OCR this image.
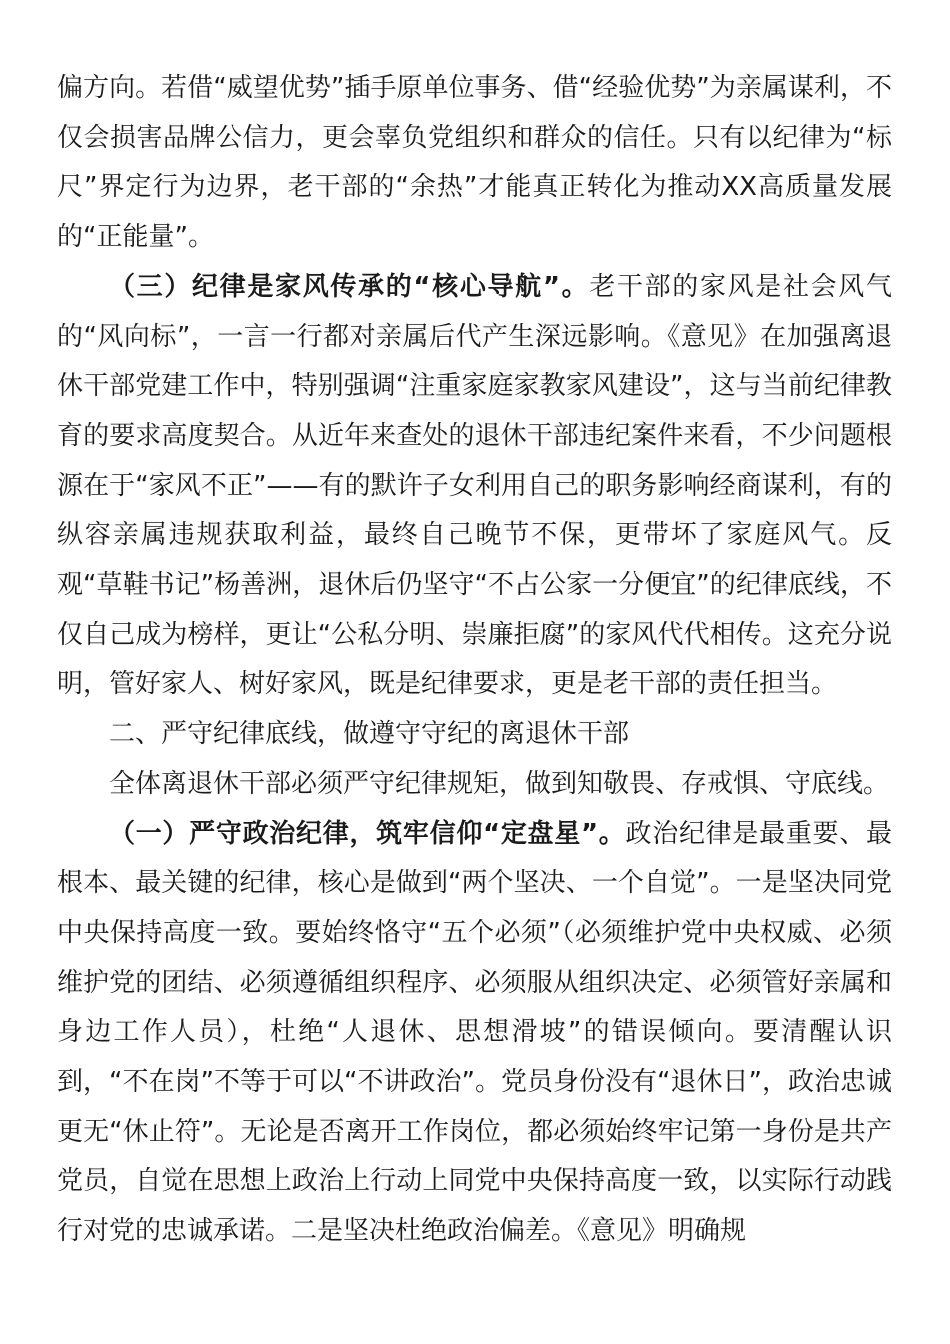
偏方向。若借“威望优势”插手原单位事务、借“经验优势”为亲属谋利，不仅会损害品牌公信力，更会辜负党组织和群众的信任。只有以纪律为“标尺”界定行为边界，老干部的“余热”才能真正转化为推动XX高质量发展的“正能量”。

（三）纪律是家风传承的“核心导航”。老干部的家风是社会风气的“风向标”，一言一行都对亲属后代产生深远影响。《意见》在加强离退休干部党建工作中，特别强调“注重家庭家教家风建设”，这与当前纪律教育的要求高度契合。从近年来查处的退休干部违纪案件来看，不少问题根源在于“家风不正”——有的默许子女利用自己的职务影响经商谋利，有的纵容亲属违规获取利益，最终自己晚节不保，更带坏了家庭风气。反观“草鞋书记”杨善洲，退休后仍坚守“不占公家一分便宜”的纪律底线，不仅自己成为榜样，更让“公私分明、崇廉拒腐”的家风代代相传。这充分说明，管好家人、树好家风，既是纪律要求，更是老干部的责任担当。

二、严守纪律底线，做遵守守纪的离退休干部

全体离退休干部必须严守纪律规矩，做到知敬畏、存戒惧、守底线。

（一）严守政治纪律，筑牢信仰“定盘星”。政治纪律是最重要、最根本、最关键的纪律，核心是做到“两个坚决、一个自觉”。一是坚决同党中央保持高度一致。要始终恪守“五个必须”（必须维护党中央权威、必须维护党的团结、必须遵循组织程序、必须服从组织决定、必须管好亲属和身边工作人员），杜绝“人退休、思想滑坡”的错误倾向。要清醒认识到，“不在岗”不等于可以“不讲政治”。党员身份没有“退休日”，政治忠诚更无“休止符”。无论是否离开工作岗位，都必须始终牢记第一身份是共产党员，自觉在思想上政治上行动上同党中央保持高度一致，以实际行动践行对党的忠诚承诺。二是坚决杜绝政治偏差。《意见》明确规
